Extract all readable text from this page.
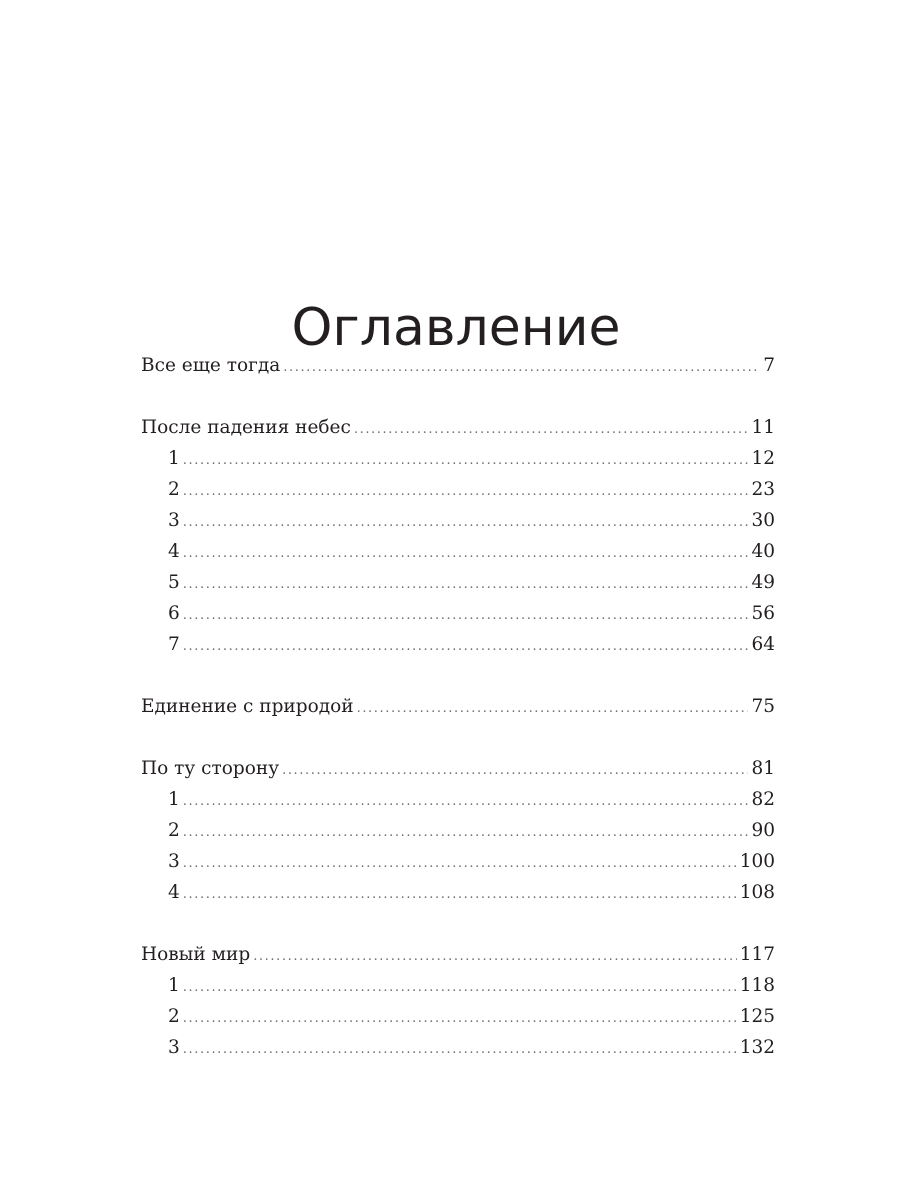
Оглавление
Все еще тогда .....	7
После падения небес .....	11
1 .....	12
2 .....	23
3 .....	30
4 .....	40
5 .....	49
6 .....	56
7 .....	64
Единение с природой .....	75
По ту сторону .....	81
1 .....	82
2 .....	90
3 .....	100
4 .....	108
Новый мир .....	117
1 .....	118
2 .....	125
3 .....	132
